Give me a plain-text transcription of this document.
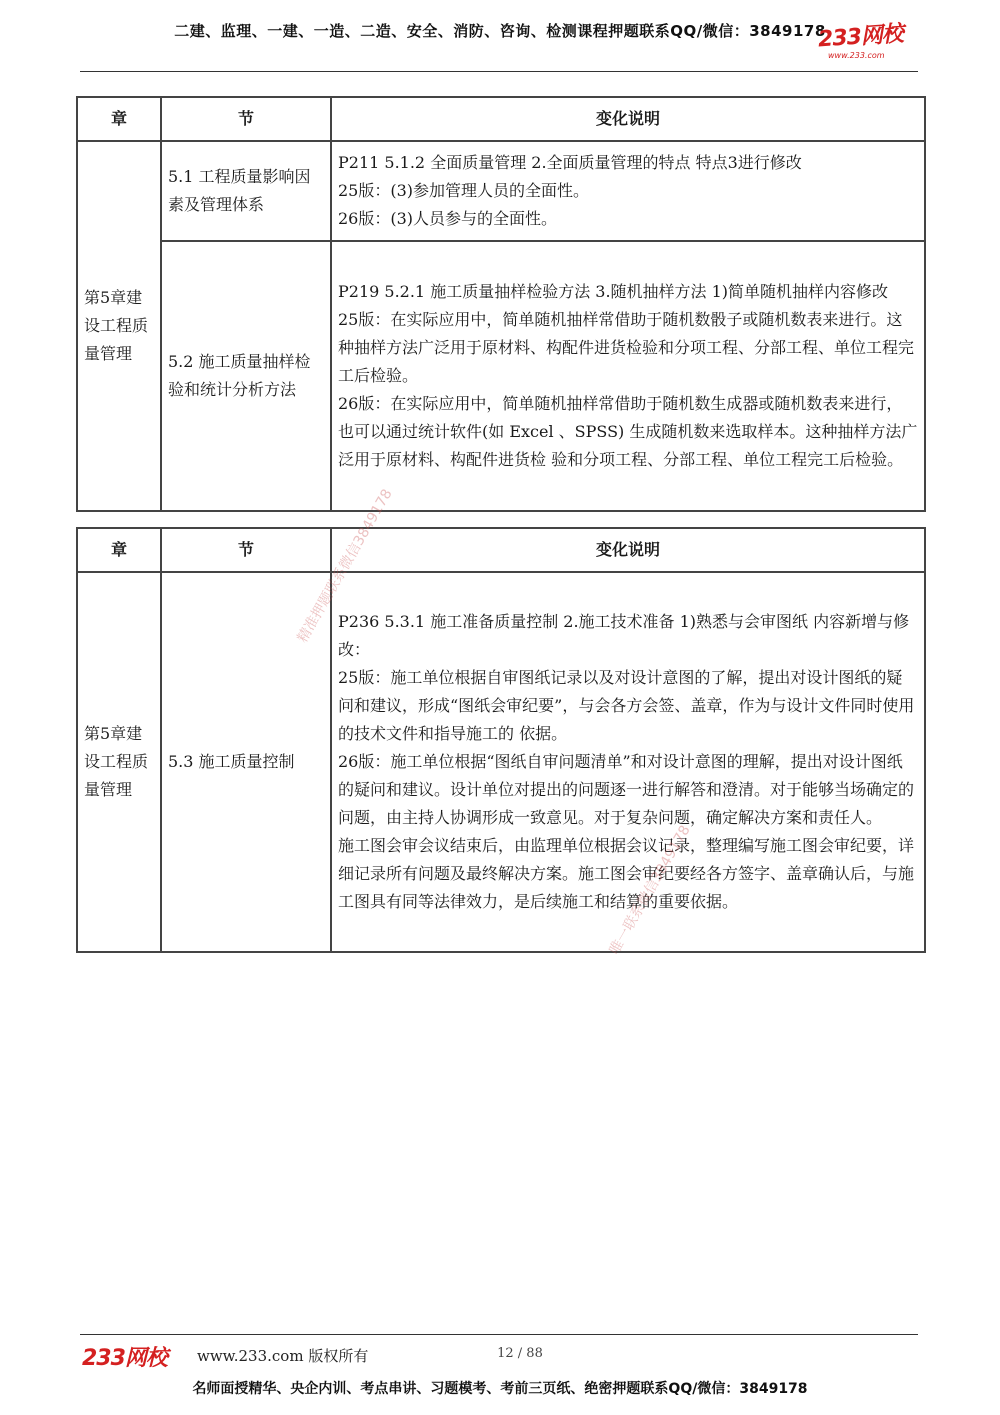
二建、监理、一建、一造、二造、安全、消防、咨询、检测课程押题联系QQ/微信：3849178
233网校
www.233.com
章	节	变化说明
第5章建设工程质量管理	5.1 工程质量影响因素及管理体系	P211 5.1.2 全面质量管理 2.全面质量管理的特点 特点3进行修改
25版：(3)参加管理人员的全面性。
26版：(3)人员参与的全面性。

	5.2 施工质量抽样检验和统计分析方法	P219 5.2.1 施工质量抽样检验方法 3.随机抽样方法 1)简单随机抽样内容修改
25版：在实际应用中，简单随机抽样常借助于随机数骰子或随机数表来进行。这种抽样方法广泛用于原材料、构配件进货检验和分项工程、分部工程、单位工程完工后检验。
26版：在实际应用中，简单随机抽样常借助于随机数生成器或随机数表来进行，也可以通过统计软件(如 Excel 、SPSS) 生成随机数来选取样本。这种抽样方法广泛用于原材料、构配件进货检 验和分项工程、分部工程、单位工程完工后检验。
章	节	变化说明
第5章建设工程质量管理	5.3 施工质量控制	P236 5.3.1 施工准备质量控制 2.施工技术准备 1)熟悉与会审图纸 内容新增与修改：
25版：施工单位根据自审图纸记录以及对设计意图的了解，提出对设计图纸的疑问和建议，形成“图纸会审纪要”，与会各方会签、盖章，作为与设计文件同时使用的技术文件和指导施工的 依据。
26版：施工单位根据“图纸自审问题清单”和对设计意图的理解，提出对设计图纸的疑问和建议。设计单位对提出的问题逐一进行解答和澄清。对于能够当场确定的问题，由主持人协调形成一致意见。对于复杂问题，确定解决方案和责任人。
施工图会审会议结束后，由监理单位根据会议记录，整理编写施工图会审纪要，详细记录所有问题及最终解决方案。施工图会审纪要经各方签字、盖章确认后，与施工图具有同等法律效力，是后续施工和结算的重要依据。
精准押题联系微信3849178
唯一联系微信3849178
233网校 www.233.com 版权所有	12 / 88
名师面授精华、央企内训、考点串讲、习题模考、考前三页纸、绝密押题联系QQ/微信：3849178
